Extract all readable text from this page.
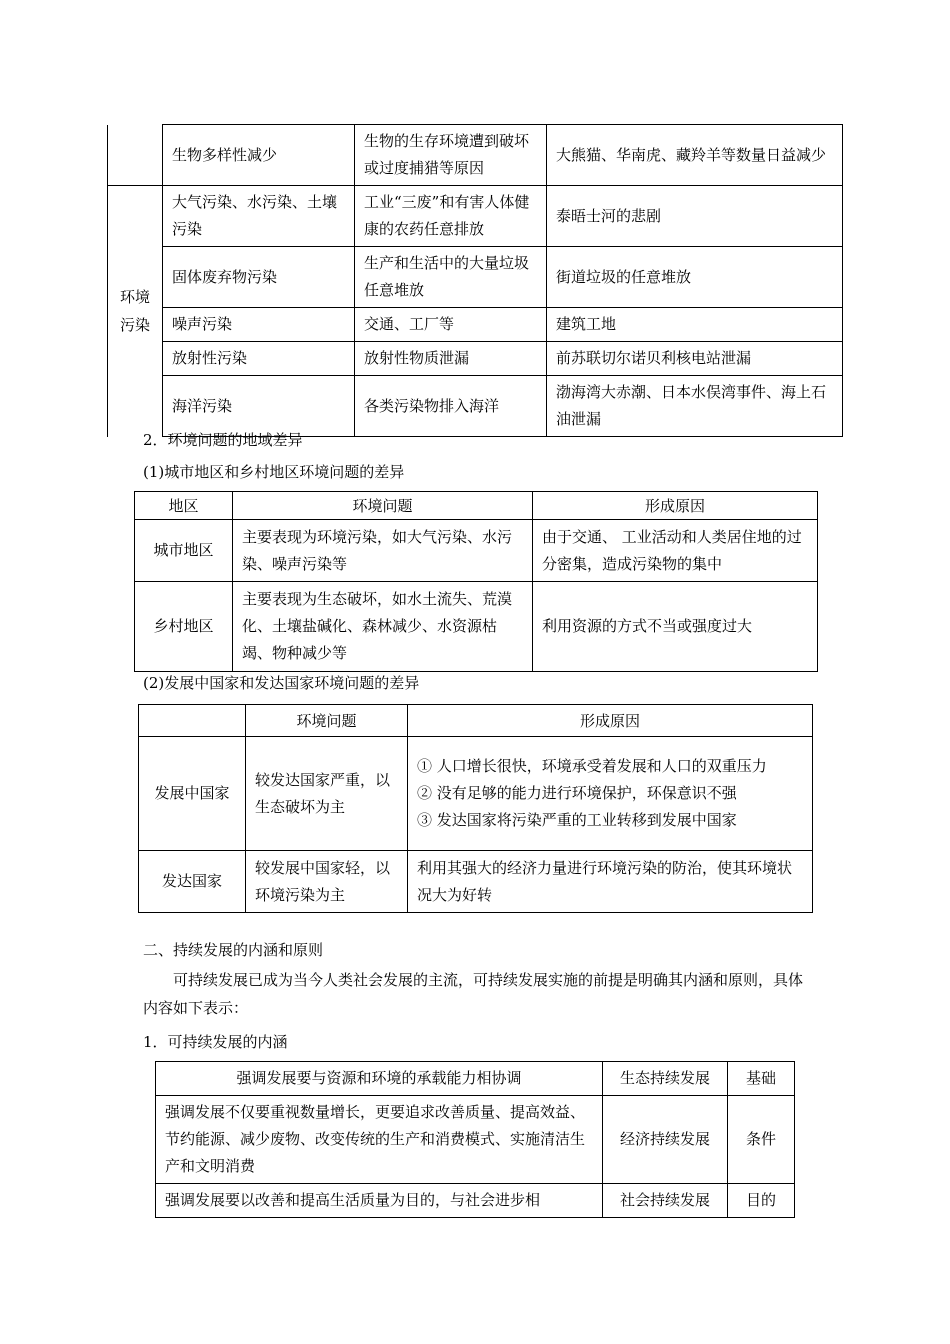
	生物多样性减少	生物的生存环境遭到破坏或过度捕猎等原因	大熊猫、华南虎、藏羚羊等数量日益减少
环境污染	大气污染、水污染、土壤污染	工业“三废”和有害人体健康的农药任意排放	泰晤士河的悲剧
	固体废弃物污染	生产和生活中的大量垃圾任意堆放	街道垃圾的任意堆放
	噪声污染	交通、工厂等	建筑工地
	放射性污染	放射性物质泄漏	前苏联切尔诺贝利核电站泄漏
	海洋污染	各类污染物排入海洋	渤海湾大赤潮、日本水俣湾事件、海上石油泄漏
2．环境问题的地域差异
(1)城市地区和乡村地区环境问题的差异
地区	环境问题	形成原因
城市地区	主要表现为环境污染，如大气污染、水污染、噪声污染等	由于交通、 工业活动和人类居住地的过分密集，造成污染物的集中
乡村地区	主要表现为生态破坏，如水土流失、荒漠化、土壤盐碱化、森林减少、水资源枯竭、物种减少等	利用资源的方式不当或强度过大
(2)发展中国家和发达国家环境问题的差异
	环境问题	形成原因
发展中国家	较发达国家严重，以生态破坏为主	① 人口增长很快，环境承受着发展和人口的双重压力
② 没有足够的能力进行环境保护，环保意识不强
③ 发达国家将污染严重的工业转移到发展中国家

发达国家	较发展中国家轻，以环境污染为主	利用其强大的经济力量进行环境污染的防治，使其环境状况大为好转
二、持续发展的内涵和原则
可持续发展已成为当今人类社会发展的主流，可持续发展实施的前提是明确其内涵和原则，具体内容如下表示：
1．可持续发展的内涵
强调发展要与资源和环境的承载能力相协调	生态持续发展	基础
强调发展不仅要重视数量增长，更要追求改善质量、提高效益、节约能源、减少废物、改变传统的生产和消费模式、实施清洁生产和文明消费	经济持续发展	条件
强调发展要以改善和提高生活质量为目的，与社会进步相	社会持续发展	目的
